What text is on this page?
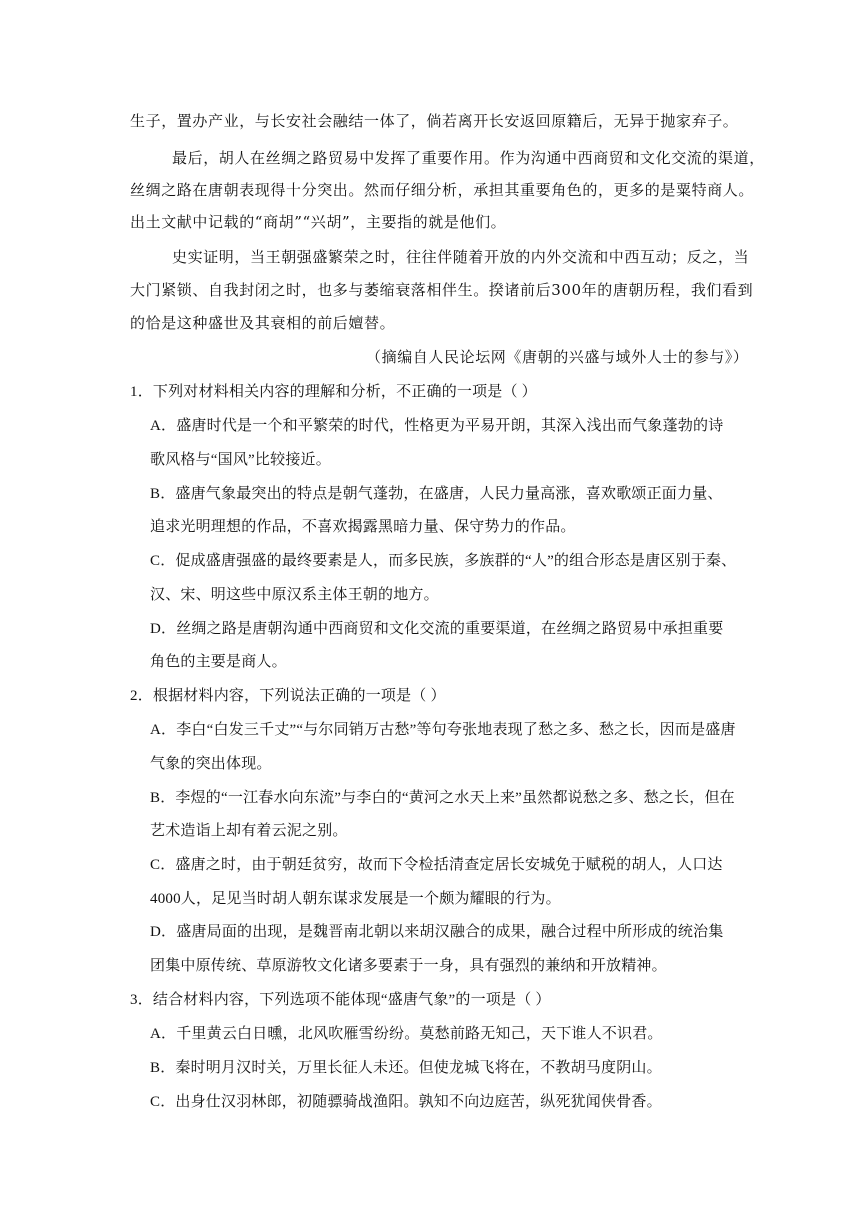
生子，置办产业，与长安社会融结一体了，倘若离开长安返回原籍后，无异于抛家弃子。
最后，胡人在丝绸之路贸易中发挥了重要作用。作为沟通中西商贸和文化交流的渠道，
丝绸之路在唐朝表现得十分突出。然而仔细分析，承担其重要角色的，更多的是粟特商人。
出土文献中记载的“商胡”“兴胡”，主要指的就是他们。
史实证明，当王朝强盛繁荣之时，往往伴随着开放的内外交流和中西互动；反之，当
大门紧锁、自我封闭之时，也多与萎缩衰落相伴生。揆诸前后300年的唐朝历程，我们看到
的恰是这种盛世及其衰相的前后嬗替。
（摘编自人民论坛网《唐朝的兴盛与域外人士的参与》）
1．下列对材料相关内容的理解和分析，不正确的一项是（ ）
A．盛唐时代是一个和平繁荣的时代，性格更为平易开朗，其深入浅出而气象蓬勃的诗
歌风格与“国风”比较接近。
B．盛唐气象最突出的特点是朝气蓬勃，在盛唐，人民力量高涨，喜欢歌颂正面力量、
追求光明理想的作品，不喜欢揭露黑暗力量、保守势力的作品。
C．促成盛唐强盛的最终要素是人，而多民族，多族群的“人”的组合形态是唐区别于秦、
汉、宋、明这些中原汉系主体王朝的地方。
D．丝绸之路是唐朝沟通中西商贸和文化交流的重要渠道，在丝绸之路贸易中承担重要
角色的主要是商人。
2．根据材料内容，下列说法正确的一项是（ ）
A．李白“白发三千丈”“与尔同销万古愁”等句夸张地表现了愁之多、愁之长，因而是盛唐
气象的突出体现。
B．李煜的“一江春水向东流”与李白的“黄河之水天上来”虽然都说愁之多、愁之长，但在
艺术造诣上却有着云泥之别。
C．盛唐之时，由于朝廷贫穷，故而下令检括清查定居长安城免于赋税的胡人，人口达
4000人，足见当时胡人朝东谋求发展是一个颇为耀眼的行为。
D．盛唐局面的出现，是魏晋南北朝以来胡汉融合的成果，融合过程中所形成的统治集
团集中原传统、草原游牧文化诸多要素于一身，具有强烈的兼纳和开放精神。
3．结合材料内容，下列选项不能体现“盛唐气象”的一项是（ ）
A．千里黄云白日曛，北风吹雁雪纷纷。莫愁前路无知己，天下谁人不识君。
B．秦时明月汉时关，万里长征人未还。但使龙城飞将在，不教胡马度阴山。
C．出身仕汉羽林郎，初随骠骑战渔阳。孰知不向边庭苦，纵死犹闻侠骨香。
